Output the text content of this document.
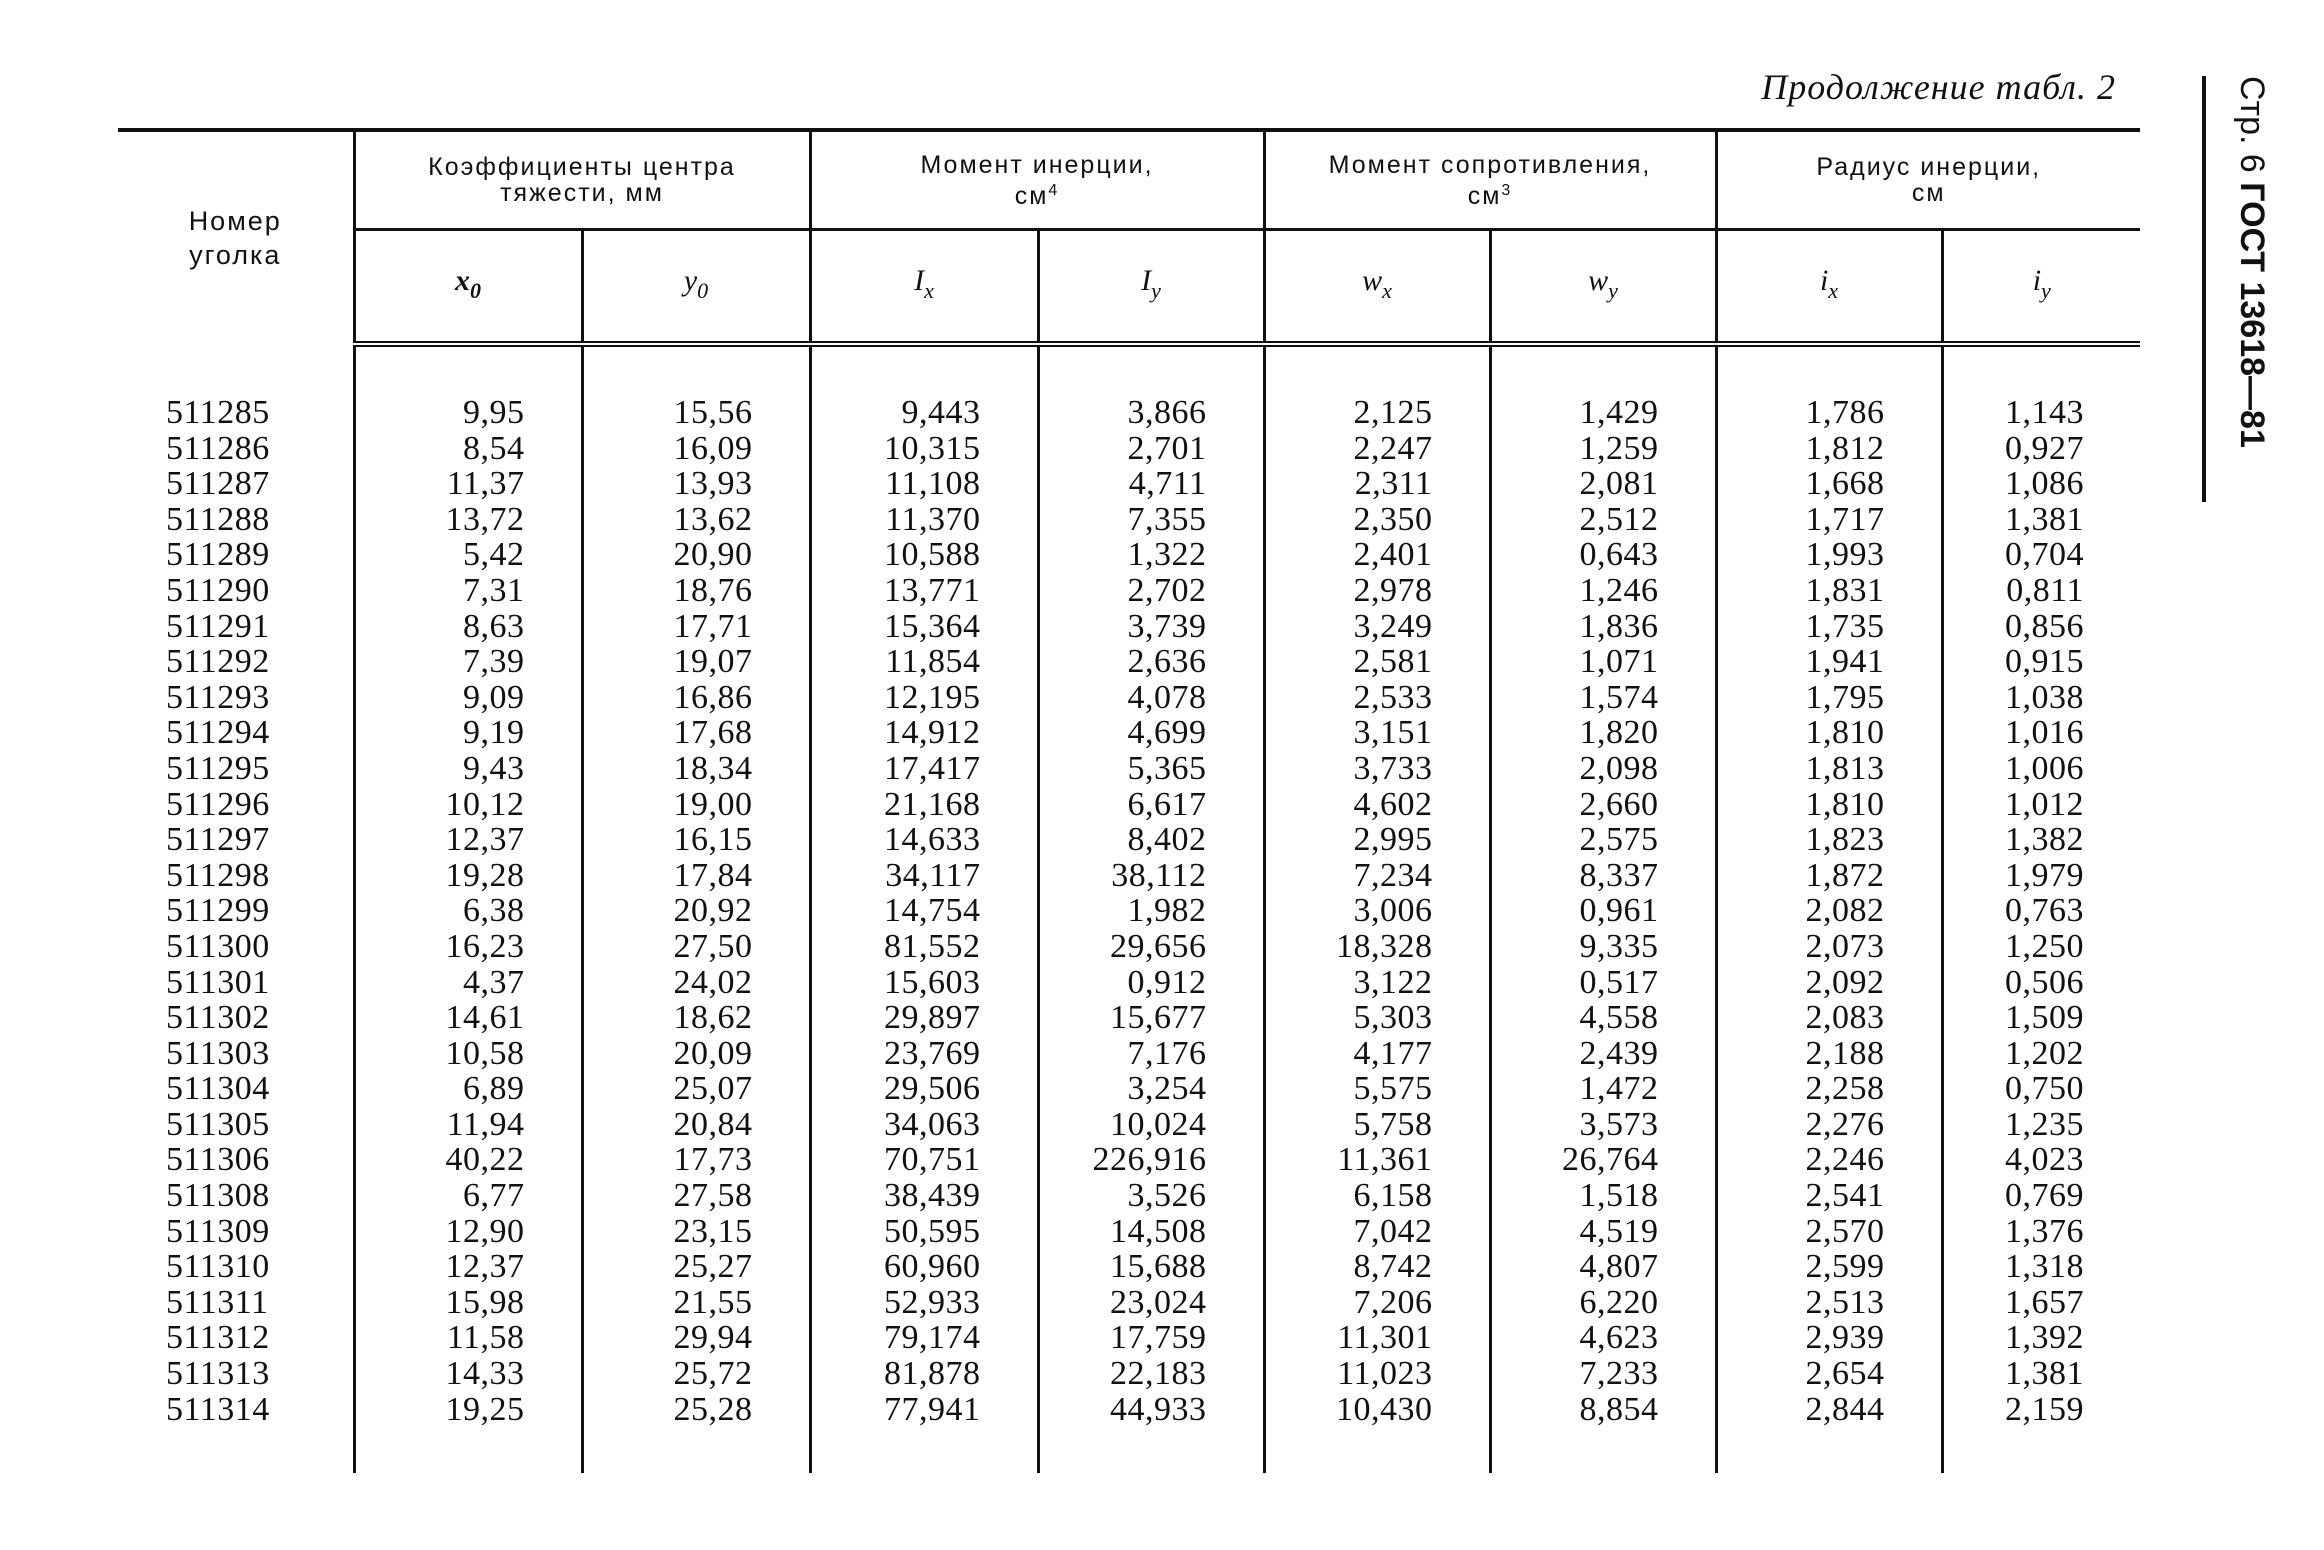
Продолжение табл. 2	Стр. 6 ГОСТ 13618—81
Номер уголка	Коэффициенты центра тяжести, мм		Момент инерции, $см^4$		Момент сопротивления, $см^3$		Радиус инерции, см	
	$x_0$	$y_0$	$I_x$	$I_y$	$w_x$	$w_y$	$i_x$	$i_y$

511285	9,95	15,56	9,443	3,866	2,125	1,429	1,786	1,143
511286	8,54	16,09	10,315	2,701	2,247	1,259	1,812	0,927
511287	11,37	13,93	11,108	4,711	2,311	2,081	1,668	1,086
511288	13,72	13,62	11,370	7,355	2,350	2,512	1,717	1,381
511289	5,42	20,90	10,588	1,322	2,401	0,643	1,993	0,704
511290	7,31	18,76	13,771	2,702	2,978	1,246	1,831	0,811
511291	8,63	17,71	15,364	3,739	3,249	1,836	1,735	0,856
511292	7,39	19,07	11,854	2,636	2,581	1,071	1,941	0,915
511293	9,09	16,86	12,195	4,078	2,533	1,574	1,795	1,038
511294	9,19	17,68	14,912	4,699	3,151	1,820	1,810	1,016
511295	9,43	18,34	17,417	5,365	3,733	2,098	1,813	1,006
511296	10,12	19,00	21,168	6,617	4,602	2,660	1,810	1,012
511297	12,37	16,15	14,633	8,402	2,995	2,575	1,823	1,382
511298	19,28	17,84	34,117	38,112	7,234	8,337	1,872	1,979
511299	6,38	20,92	14,754	1,982	3,006	0,961	2,082	0,763
511300	16,23	27,50	81,552	29,656	18,328	9,335	2,073	1,250
511301	4,37	24,02	15,603	0,912	3,122	0,517	2,092	0,506
511302	14,61	18,62	29,897	15,677	5,303	4,558	2,083	1,509
511303	10,58	20,09	23,769	7,176	4,177	2,439	2,188	1,202
511304	6,89	25,07	29,506	3,254	5,575	1,472	2,258	0,750
511305	11,94	20,84	34,063	10,024	5,758	3,573	2,276	1,235
511306	40,22	17,73	70,751	226,916	11,361	26,764	2,246	4,023
511308	6,77	27,58	38,439	3,526	6,158	1,518	2,541	0,769
511309	12,90	23,15	50,595	14,508	7,042	4,519	2,570	1,376
511310	12,37	25,27	60,960	15,688	8,742	4,807	2,599	1,318
511311	15,98	21,55	52,933	23,024	7,206	6,220	2,513	1,657
511312	11,58	29,94	79,174	17,759	11,301	4,623	2,939	1,392
511313	14,33	25,72	81,878	22,183	11,023	7,233	2,654	1,381
511314	19,25	25,28	77,941	44,933	10,430	8,854	2,844	2,159
